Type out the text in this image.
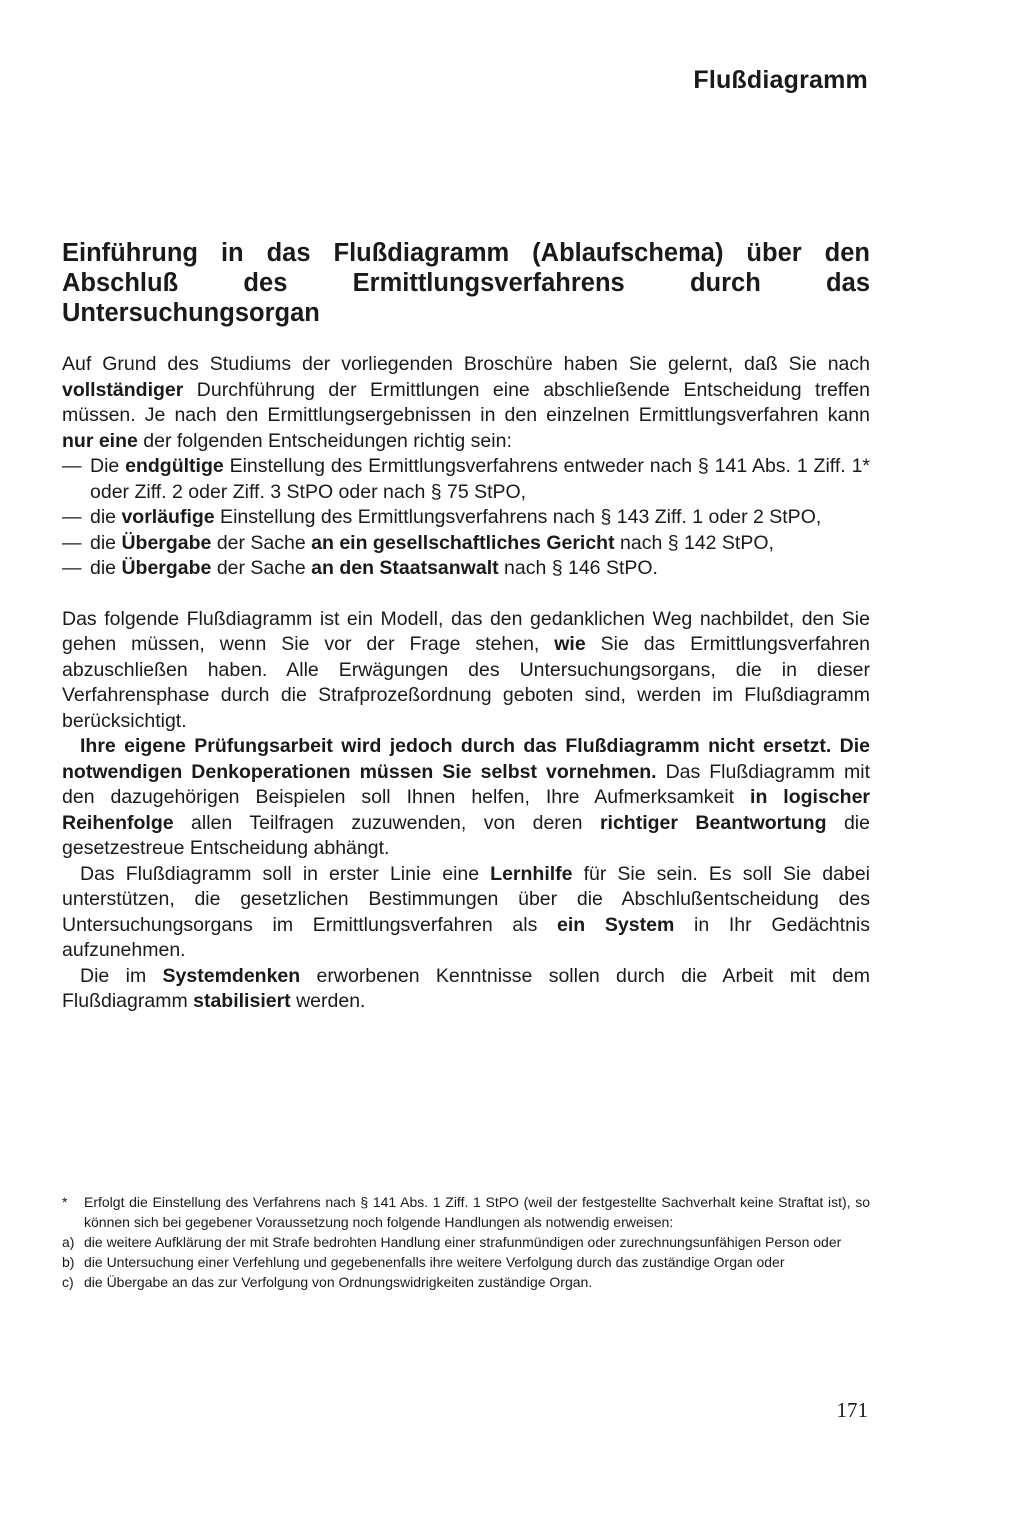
Flußdiagramm
Einführung in das Flußdiagramm (Ablaufschema) über den Abschluß des Ermittlungsverfahrens durch das Untersuchungsorgan

Auf Grund des Studiums der vorliegenden Broschüre haben Sie gelernt, daß Sie nach vollständiger Durchführung der Ermittlungen eine abschließende Entscheidung treffen müssen. Je nach den Ermittlungsergebnissen in den einzelnen Ermittlungsverfahren kann nur eine der folgenden Entscheidungen richtig sein:

— Die endgültige Einstellung des Ermittlungsverfahrens entweder nach § 141 Abs. 1 Ziff. 1* oder Ziff. 2 oder Ziff. 3 StPO oder nach § 75 StPO,
— die vorläufige Einstellung des Ermittlungsverfahrens nach § 143 Ziff. 1 oder 2 StPO,
— die Übergabe der Sache an ein gesellschaftliches Gericht nach § 142 StPO,
— die Übergabe der Sache an den Staatsanwalt nach § 146 StPO.

Das folgende Flußdiagramm ist ein Modell, das den gedanklichen Weg nachbildet, den Sie gehen müssen, wenn Sie vor der Frage stehen, wie Sie das Ermittlungsverfahren abzuschließen haben. Alle Erwägungen des Untersuchungsorgans, die in dieser Verfahrensphase durch die Strafprozeßordnung geboten sind, werden im Flußdiagramm berücksichtigt.

Ihre eigene Prüfungsarbeit wird jedoch durch das Flußdiagramm nicht ersetzt. Die notwendigen Denkoperationen müssen Sie selbst vornehmen. Das Flußdiagramm mit den dazugehörigen Beispielen soll Ihnen helfen, Ihre Aufmerksamkeit in logischer Reihenfolge allen Teilfragen zuzuwenden, von deren richtiger Beantwortung die gesetzestreue Entscheidung abhängt.

Das Flußdiagramm soll in erster Linie eine Lernhilfe für Sie sein. Es soll Sie dabei unterstützen, die gesetzlichen Bestimmungen über die Abschlußentscheidung des Untersuchungsorgans im Ermittlungsverfahren als ein System in Ihr Gedächtnis aufzunehmen.

Die im Systemdenken erworbenen Kenntnisse sollen durch die Arbeit mit dem Flußdiagramm stabilisiert werden.

* Erfolgt die Einstellung des Verfahrens nach § 141 Abs. 1 Ziff. 1 StPO (weil der festgestellte Sachverhalt keine Straftat ist), so können sich bei gegebener Voraussetzung noch folgende Handlungen als notwendig erweisen:

a) die weitere Aufklärung der mit Strafe bedrohten Handlung einer strafunmündigen oder zurechnungsunfähigen Person oder

b) die Untersuchung einer Verfehlung und gegebenenfalls ihre weitere Verfolgung durch das zuständige Organ oder

c) die Übergabe an das zur Verfolgung von Ordnungswidrigkeiten zuständige Organ.

171
